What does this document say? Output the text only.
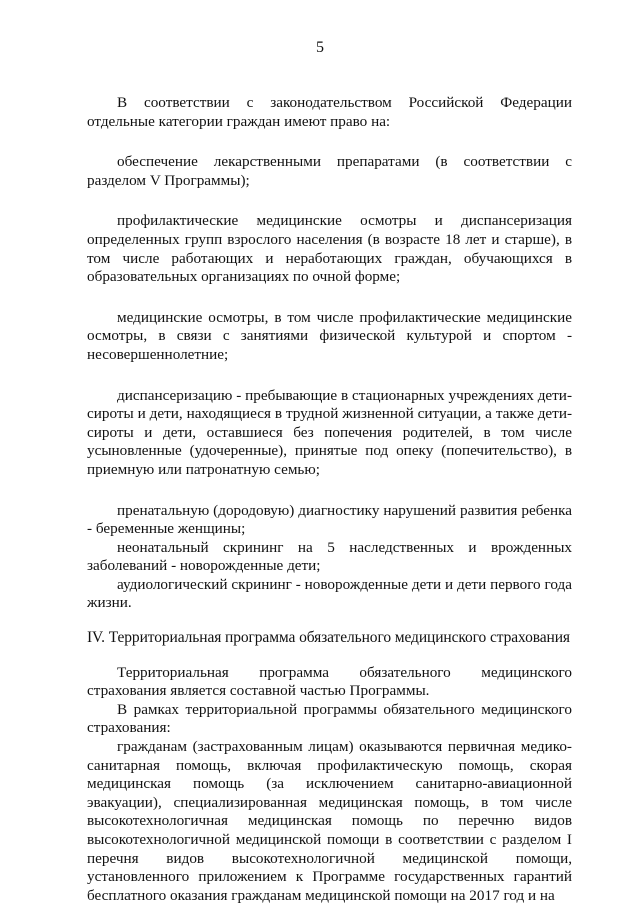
5

В соответствии с законодательством Российской Федерации отдельные категории граждан имеют право на:

обеспечение лекарственными препаратами (в соответствии с разделом V Программы);

профилактические медицинские осмотры и диспансеризация определенных групп взрослого населения (в возрасте 18 лет и старше), в том числе работающих и неработающих граждан, обучающихся в образовательных организациях по очной форме;

медицинские осмотры, в том числе профилактические медицинские осмотры, в связи с занятиями физической культурой и спортом - несовершеннолетние;

диспансеризацию - пребывающие в стационарных учреждениях дети-сироты и дети, находящиеся в трудной жизненной ситуации, а также дети-сироты и дети, оставшиеся без попечения родителей, в том числе усыновленные (удочеренные), принятые под опеку (попечительство), в приемную или патронатную семью;

пренатальную (дородовую) диагностику нарушений развития ребенка - беременные женщины;

неонатальный скрининг на 5 наследственных и врожденных заболеваний - новорожденные дети;

аудиологический скрининг - новорожденные дети и дети первого года жизни.

IV. Территориальная программа обязательного медицинского страхования

Территориальная программа обязательного медицинского страхования является составной частью Программы.

В рамках территориальной программы обязательного медицинского страхования:

гражданам (застрахованным лицам) оказываются первичная медико-санитарная помощь, включая профилактическую помощь, скорая медицинская помощь (за исключением санитарно-авиационной эвакуации), специализированная медицинская помощь, в том числе высокотехнологичная медицинская помощь по перечню видов высокотехнологичной медицинской помощи в соответствии с разделом I перечня видов высокотехнологичной медицинской помощи, установленного приложением к Программе государственных гарантий бесплатного оказания гражданам медицинской помощи на 2017 год и на
